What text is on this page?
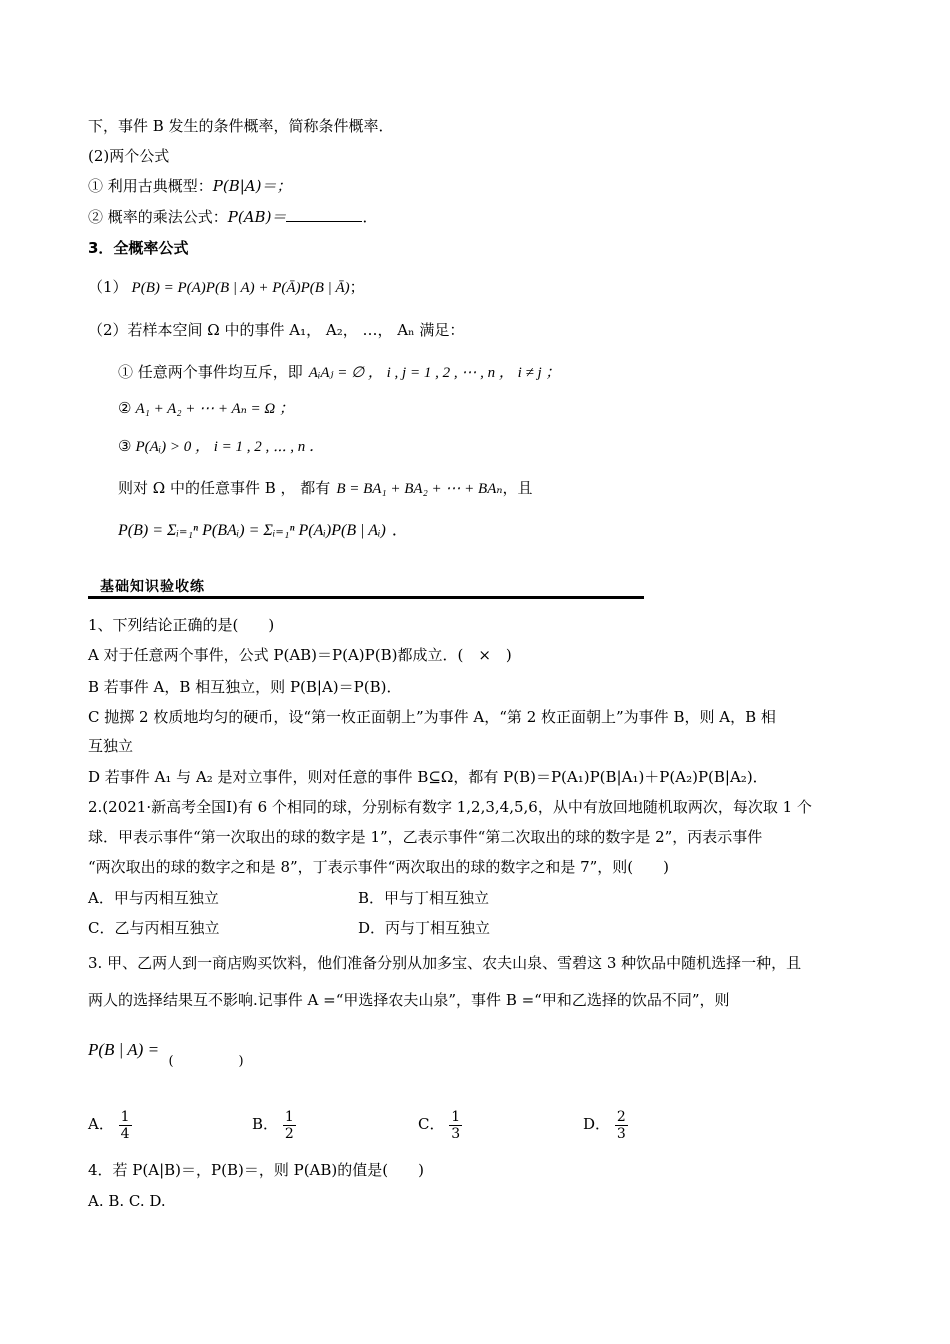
下，事件 B 发生的条件概率，简称条件概率．
(2)两个公式
① 利用古典概型：P(B|A)＝；
② 概率的乘法公式：P(AB)＝	．
3．全概率公式
（1） P(B) = P(A)P(B | A) + P(Ā)P(B | Ā)；
（2）若样本空间 Ω 中的事件 A₁， A₂， …， Aₙ 满足：
① 任意两个事件均互斥，即 AᵢAⱼ = ∅ ， i , j = 1 , 2 , ⋯ , n ， i ≠ j ；
② A₁ + A₂ + ⋯ + Aₙ = Ω ；
③ P(Aᵢ) > 0 ， i = 1 , 2 , ⋯ , n ．
则对 Ω 中的任意事件 B ， 都有 B = BA₁ + BA₂ + ⋯ + BAₙ，且
P(B) = Σᵢ₌₁ⁿ P(BAᵢ) = Σᵢ₌₁ⁿ P(Aᵢ)P(B | Aᵢ) ．
基础知识验收练
1、下列结论正确的是(　　)
A 对于任意两个事件，公式 P(AB)＝P(A)P(B)都成立．(　×　)
B 若事件 A，B 相互独立，则 P(B|A)＝P(B)．
C 抛掷 2 枚质地均匀的硬币，设“第一枚正面朝上”为事件 A，“第 2 枚正面朝上”为事件 B，则 A，B 相
互独立
D 若事件 A₁ 与 A₂ 是对立事件，则对任意的事件 B⊆Ω，都有 P(B)＝P(A₁)P(B|A₁)＋P(A₂)P(B|A₂)．
2.(2021·新高考全国Ⅰ)有 6 个相同的球，分别标有数字 1,2,3,4,5,6，从中有放回地随机取两次，每次取 1 个
球．甲表示事件“第一次取出的球的数字是 1”，乙表示事件“第二次取出的球的数字是 2”，丙表示事件
“两次取出的球的数字之和是 8”，丁表示事件“两次取出的球的数字之和是 7”，则(　　)
A．甲与丙相互独立	B．甲与丁相互独立
C．乙与丙相互独立	D．丙与丁相互独立
3. 甲、乙两人到一商店购买饮料，他们准备分别从加多宝、农夫山泉、雪碧这 3 种饮品中随机选择一种，且
两人的选择结果互不影响.记事件 A =“甲选择农夫山泉”，事件 B =“甲和乙选择的饮品不同”，则
P(B | A) = $_{( )}$
A． $\frac{1}{4}$	B． $\frac{1}{2}$	C． $\frac{1}{3}$	D． $\frac{2}{3}$
4．若 P(A|B)＝，P(B)＝，则 P(AB)的值是(　　)
A. B. C. D.
